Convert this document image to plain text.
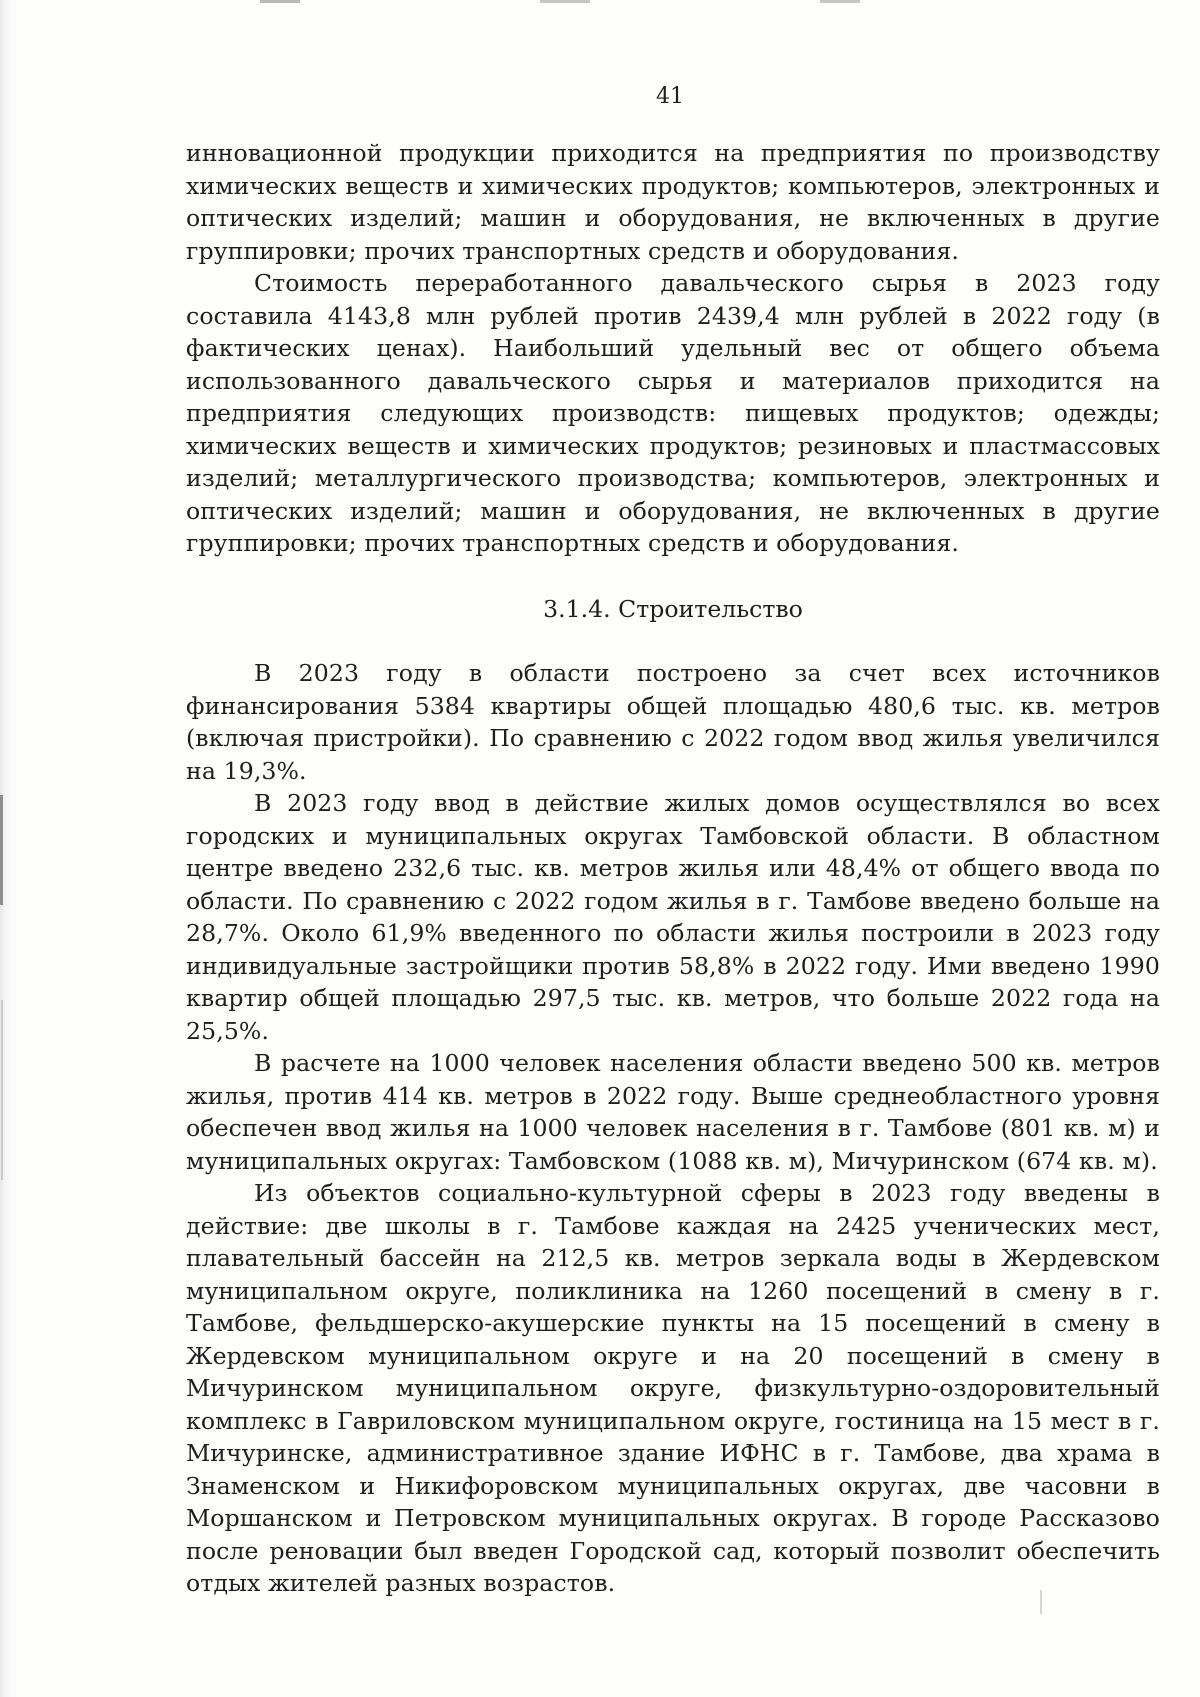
41

инновационной продукции приходится на предприятия по производству химических веществ и химических продуктов; компьютеров, электронных и оптических изделий; машин и оборудования, не включенных в другие группировки; прочих транспортных средств и оборудования.

Стоимость переработанного давальческого сырья в 2023 году составила 4143,8 млн рублей против 2439,4 млн рублей в 2022 году (в фактических ценах). Наибольший удельный вес от общего объема использованного давальческого сырья и материалов приходится на предприятия следующих производств: пищевых продуктов; одежды; химических веществ и химических продуктов; резиновых и пластмассовых изделий; металлургического производства; компьютеров, электронных и оптических изделий; машин и оборудования, не включенных в другие группировки; прочих транспортных средств и оборудования.

3.1.4. Строительство

В 2023 году в области построено за счет всех источников финансирования 5384 квартиры общей площадью 480,6 тыс. кв. метров (включая пристройки). По сравнению с 2022 годом ввод жилья увеличился на 19,3%.

В 2023 году ввод в действие жилых домов осуществлялся во всех городских и муниципальных округах Тамбовской области. В областном центре введено 232,6 тыс. кв. метров жилья или 48,4% от общего ввода по области. По сравнению с 2022 годом жилья в г. Тамбове введено больше на 28,7%. Около 61,9% введенного по области жилья построили в 2023 году индивидуальные застройщики против 58,8% в 2022 году. Ими введено 1990 квартир общей площадью 297,5 тыс. кв. метров, что больше 2022 года на 25,5%.

В расчете на 1000 человек населения области введено 500 кв. метров жилья, против 414 кв. метров в 2022 году. Выше среднеобластного уровня обеспечен ввод жилья на 1000 человек населения в г. Тамбове (801 кв. м) и муниципальных округах: Тамбовском (1088 кв. м), Мичуринском (674 кв. м).

Из объектов социально-культурной сферы в 2023 году введены в действие: две школы в г. Тамбове каждая на 2425 ученических мест, плавательный бассейн на 212,5 кв. метров зеркала воды в Жердевском муниципальном округе, поликлиника на 1260 посещений в смену в г. Тамбове, фельдшерско-акушерские пункты на 15 посещений в смену в Жердевском муниципальном округе и на 20 посещений в смену в Мичуринском муниципальном округе, физкультурно-оздоровительный комплекс в Гавриловском муниципальном округе, гостиница на 15 мест в г. Мичуринске, административное здание ИФНС в г. Тамбове, два храма в Знаменском и Никифоровском муниципальных округах, две часовни в Моршанском и Петровском муниципальных округах. В городе Рассказово после реновации был введен Городской сад, который позволит обеспечить отдых жителей разных возрастов.
